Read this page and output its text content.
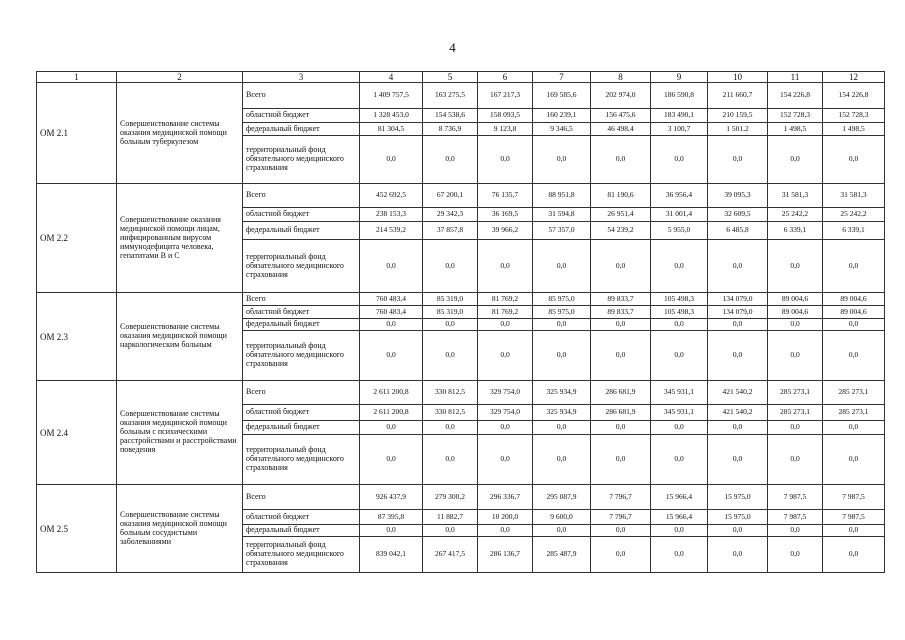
4
1	2	3	4	5	6	7	8	9	10	11	12
ОМ 2.1	Совершенствование системы оказания медицинской помощи больным туберкулезом	Всего	1 409 757,5	163 275,5	167 217,3	169 585,6	202 974,0	186 590,8	211 660,7	154 226,8	154 226,8
		областной бюджет	1 328 453,0	154 538,6	158 093,5	160 239,1	156 475,6	183 490,1	210 159,5	152 728,3	152 728,3
		федеральный бюджет	81 304,5	8 736,9	9 123,8	9 346,5	46 498,4	3 100,7	1 501,2	1 498,5	1 498,5
		территориальный фонд обязательного медицинского страхования	0,0	0,0	0,0	0,0	0,0	0,0	0,0	0,0	0,0
ОМ 2.2	Совершенствование оказания медицинской помощи лицам, инфицированным вирусом иммунодефицита человека, гепатитами В и С	Всего	452 692,5	67 200,1	76 135,7	88 951,8	81 190,6	36 956,4	39 095,3	31 581,3	31 581,3
		областной бюджет	238 153,3	29 342,3	36 169,5	31 594,8	26 951,4	31 001,4	32 609,5	25 242,2	25 242,2
		федеральный бюджет	214 539,2	37 857,8	39 966,2	57 357,0	54 239,2	5 955,0	6 485,8	6 339,1	6 339,1
		территориальный фонд обязательного медицинского страхования	0,0	0,0	0,0	0,0	0,0	0,0	0,0	0,0	0,0
ОМ 2.3	Совершенствование системы оказания медицинской помощи наркологическим больным	Всего	760 483,4	85 319,0	81 769,2	85 975,0	89 833,7	105 498,3	134 079,0	89 004,6	89 004,6
		областной бюджет	760 483,4	85 319,0	81 769,2	85 975,0	89 833,7	105 498,3	134 079,0	89 004,6	89 004,6
		федеральный бюджет	0,0	0,0	0,0	0,0	0,0	0,0	0,0	0,0	0,0
		территориальный фонд обязательного медицинского страхования	0,0	0,0	0,0	0,0	0,0	0,0	0,0	0,0	0,0
ОМ 2.4	Совершенствование системы оказания медицинской помощи больным с психическими расстройствами и расстройствами поведения	Всего	2 611 200,8	330 812,5	329 754,0	325 934,9	286 681,9	345 931,1	421 540,2	285 273,1	285 273,1
		областной бюджет	2 611 200,8	330 812,5	329 754,0	325 934,9	286 681,9	345 931,1	421 540,2	285 273,1	285 273,1
		федеральный бюджет	0,0	0,0	0,0	0,0	0,0	0,0	0,0	0,0	0,0
		территориальный фонд обязательного медицинского страхования	0,0	0,0	0,0	0,0	0,0	0,0	0,0	0,0	0,0
ОМ 2.5	Совершенствование системы оказания медицинской помощи больным сосудистыми заболеваниями	Всего	926 437,9	279 300,2	296 336,7	295 087,9	7 796,7	15 966,4	15 975,0	7 987,5	7 987,5
		областной бюджет	87 395,8	11 882,7	10 200,0	9 600,0	7 796,7	15 966,4	15 975,0	7 987,5	7 987,5
		федеральный бюджет	0,0	0,0	0,0	0,0	0,0	0,0	0,0	0,0	0,0
		территориальный фонд обязательного медицинского страхования	839 042,1	267 417,5	286 136,7	285 487,9	0,0	0,0	0,0	0,0	0,0
